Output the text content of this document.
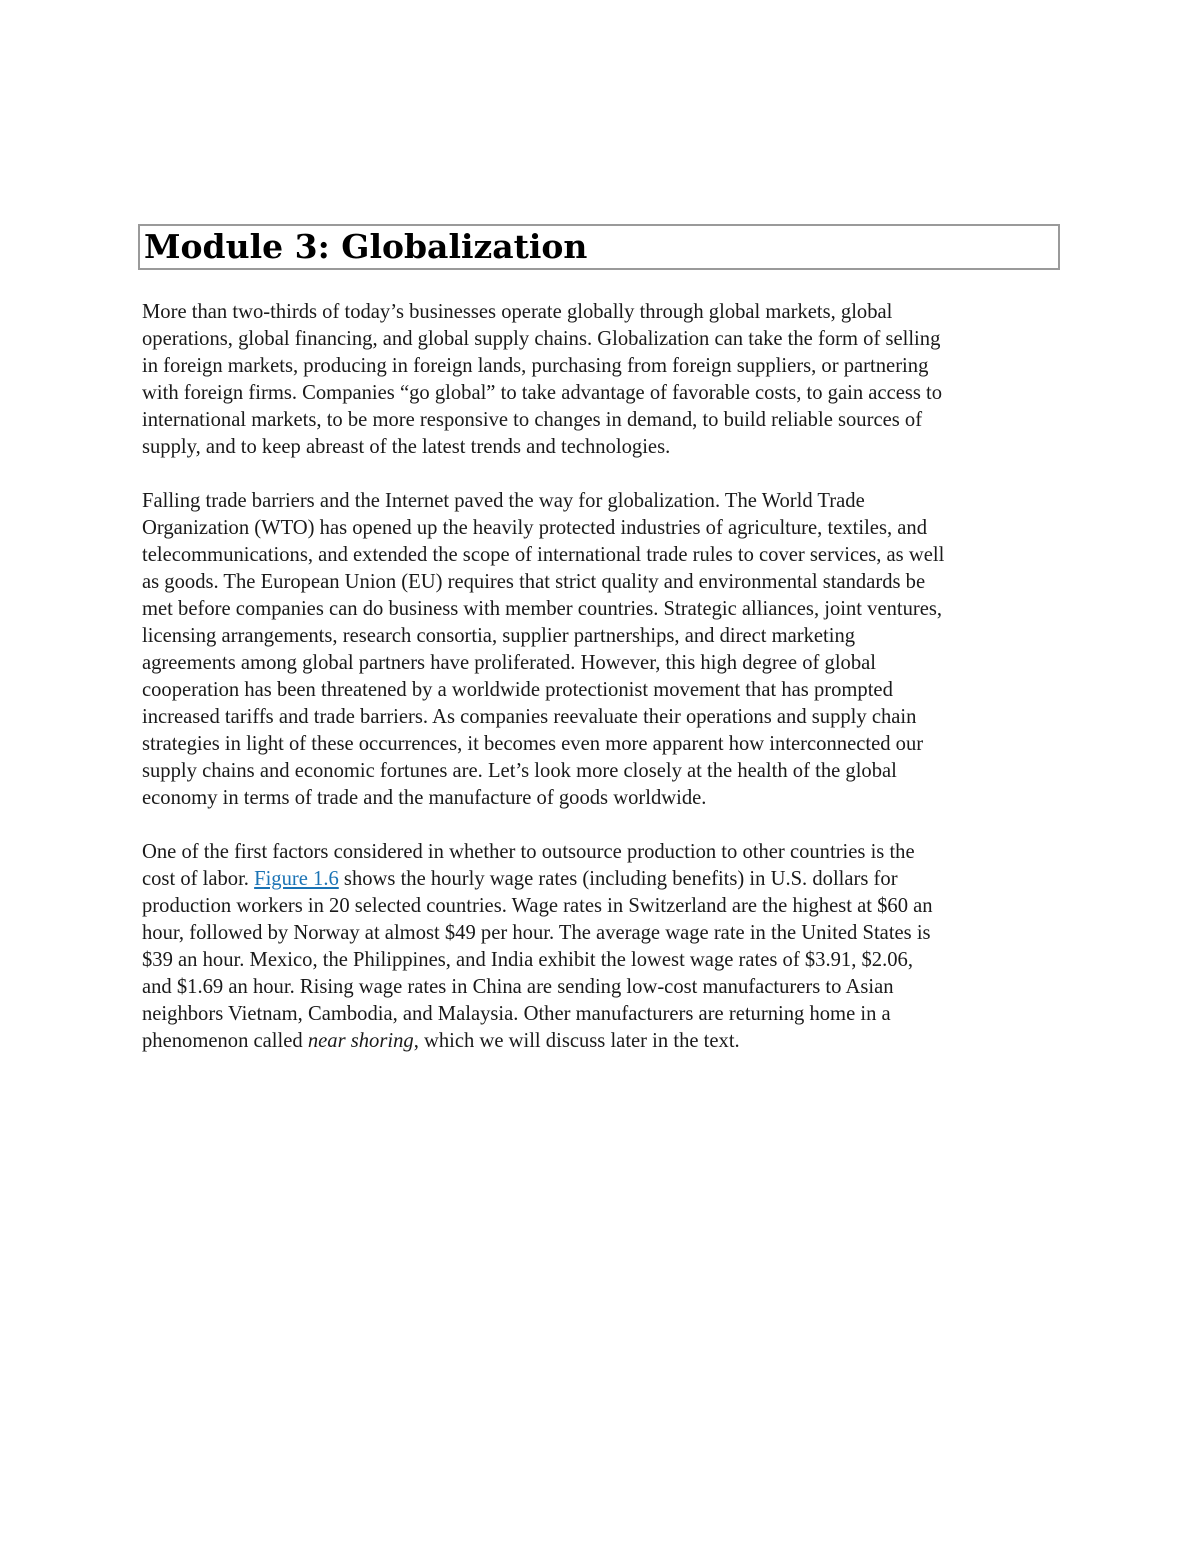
Module 3: Globalization

More than two-thirds of today’s businesses operate globally through global markets, global
operations, global financing, and global supply chains. Globalization can take the form of selling
in foreign markets, producing in foreign lands, purchasing from foreign suppliers, or partnering
with foreign firms. Companies “go global” to take advantage of favorable costs, to gain access to
international markets, to be more responsive to changes in demand, to build reliable sources of
supply, and to keep abreast of the latest trends and technologies.

Falling trade barriers and the Internet paved the way for globalization. The World Trade
Organization (WTO) has opened up the heavily protected industries of agriculture, textiles, and
telecommunications, and extended the scope of international trade rules to cover services, as well
as goods. The European Union (EU) requires that strict quality and environmental standards be
met before companies can do business with member countries. Strategic alliances, joint ventures,
licensing arrangements, research consortia, supplier partnerships, and direct marketing
agreements among global partners have proliferated. However, this high degree of global
cooperation has been threatened by a worldwide protectionist movement that has prompted
increased tariffs and trade barriers. As companies reevaluate their operations and supply chain
strategies in light of these occurrences, it becomes even more apparent how interconnected our
supply chains and economic fortunes are. Let’s look more closely at the health of the global
economy in terms of trade and the manufacture of goods worldwide.

One of the first factors considered in whether to outsource production to other countries is the
cost of labor. Figure 1.6 shows the hourly wage rates (including benefits) in U.S. dollars for
production workers in 20 selected countries. Wage rates in Switzerland are the highest at $60 an
hour, followed by Norway at almost $49 per hour. The average wage rate in the United States is
$39 an hour. Mexico, the Philippines, and India exhibit the lowest wage rates of $3.91, $2.06,
and $1.69 an hour. Rising wage rates in China are sending low-cost manufacturers to Asian
neighbors Vietnam, Cambodia, and Malaysia. Other manufacturers are returning home in a
phenomenon called near shoring, which we will discuss later in the text.
